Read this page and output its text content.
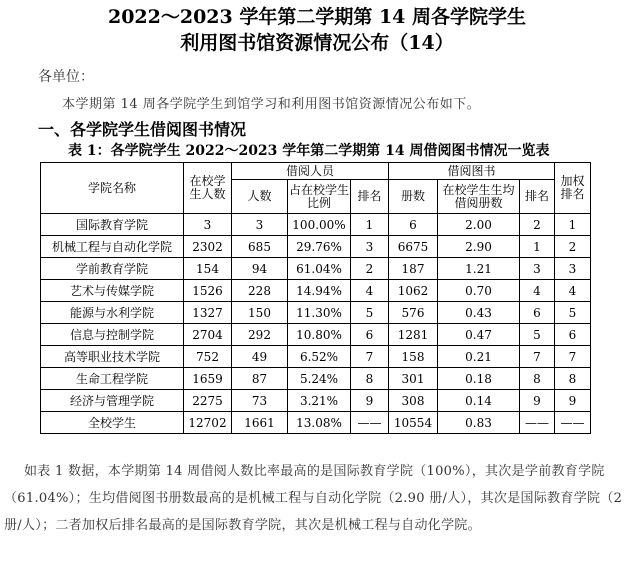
2022～2023 学年第二学期第 14 周各学院学生
利用图书馆资源情况公布（14）
各单位：
本学期第 14 周各学院学生到馆学习和利用图书馆资源情况公布如下。
一、各学院学生借阅图书情况
表 1：各学院学生 2022～2023 学年第二学期第 14 周借阅图书情况一览表
学院名称	在校学生人数	借阅人员			借阅图书			加权排名
		人数	占在校学生比例	排名	册数	在校学生生均借阅册数	排名	
国际教育学院	3	3	100.00%	1	6	2.00	2	1
机械工程与自动化学院	2302	685	29.76%	3	6675	2.90	1	2
学前教育学院	154	94	61.04%	2	187	1.21	3	3
艺术与传媒学院	1526	228	14.94%	4	1062	0.70	4	4
能源与水利学院	1327	150	11.30%	5	576	0.43	6	5
信息与控制学院	2704	292	10.80%	6	1281	0.47	5	6
高等职业技术学院	752	49	6.52%	7	158	0.21	7	7
生命工程学院	1659	87	5.24%	8	301	0.18	8	8
经济与管理学院	2275	73	3.21%	9	308	0.14	9	9
全校学生	12702	1661	13.08%	——	10554	0.83	——	——

如表 1 数据，本学期第 14 周借阅人数比率最高的是国际教育学院（100%），其次是学前教育学院（61.04%）；生均借阅图书册数最高的是机械工程与自动化学院（2.90 册/人），其次是国际教育学院（2 册/人）；二者加权后排名最高的是国际教育学院，其次是机械工程与自动化学院。
